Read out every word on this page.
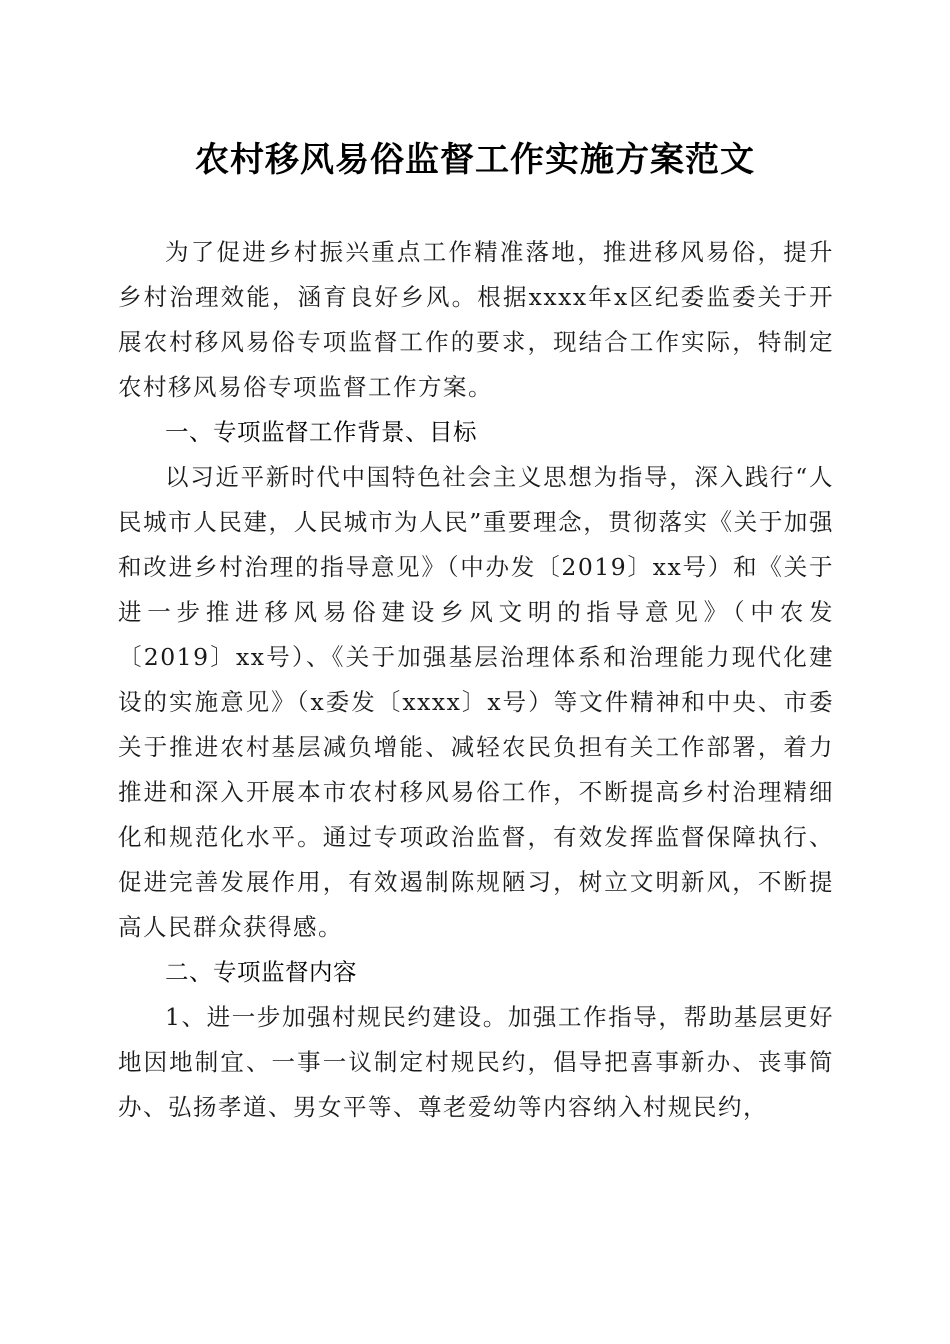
农村移风易俗监督工作实施方案范文

为了促进乡村振兴重点工作精准落地，推进移风易俗，提升乡村治理效能，涵育良好乡风。根据xxxx年x区纪委监委关于开展农村移风易俗专项监督工作的要求，现结合工作实际，特制定农村移风易俗专项监督工作方案。

一、专项监督工作背景、目标

以习近平新时代中国特色社会主义思想为指导，深入践行“人民城市人民建，人民城市为人民”重要理念，贯彻落实《关于加强和改进乡村治理的指导意见》（中办发〔2019〕xx号）和《关于进一步推进移风易俗建设乡风文明的指导意见》（中农发〔2019〕xx号）、《关于加强基层治理体系和治理能力现代化建设的实施意见》（x委发〔xxxx〕x号）等文件精神和中央、市委关于推进农村基层减负增能、减轻农民负担有关工作部署，着力推进和深入开展本市农村移风易俗工作，不断提高乡村治理精细化和规范化水平。通过专项政治监督，有效发挥监督保障执行、促进完善发展作用，有效遏制陈规陋习，树立文明新风，不断提高人民群众获得感。

二、专项监督内容

1、进一步加强村规民约建设。加强工作指导，帮助基层更好地因地制宜、一事一议制定村规民约，倡导把喜事新办、丧事简办、弘扬孝道、男女平等、尊老爱幼等内容纳入村规民约，
